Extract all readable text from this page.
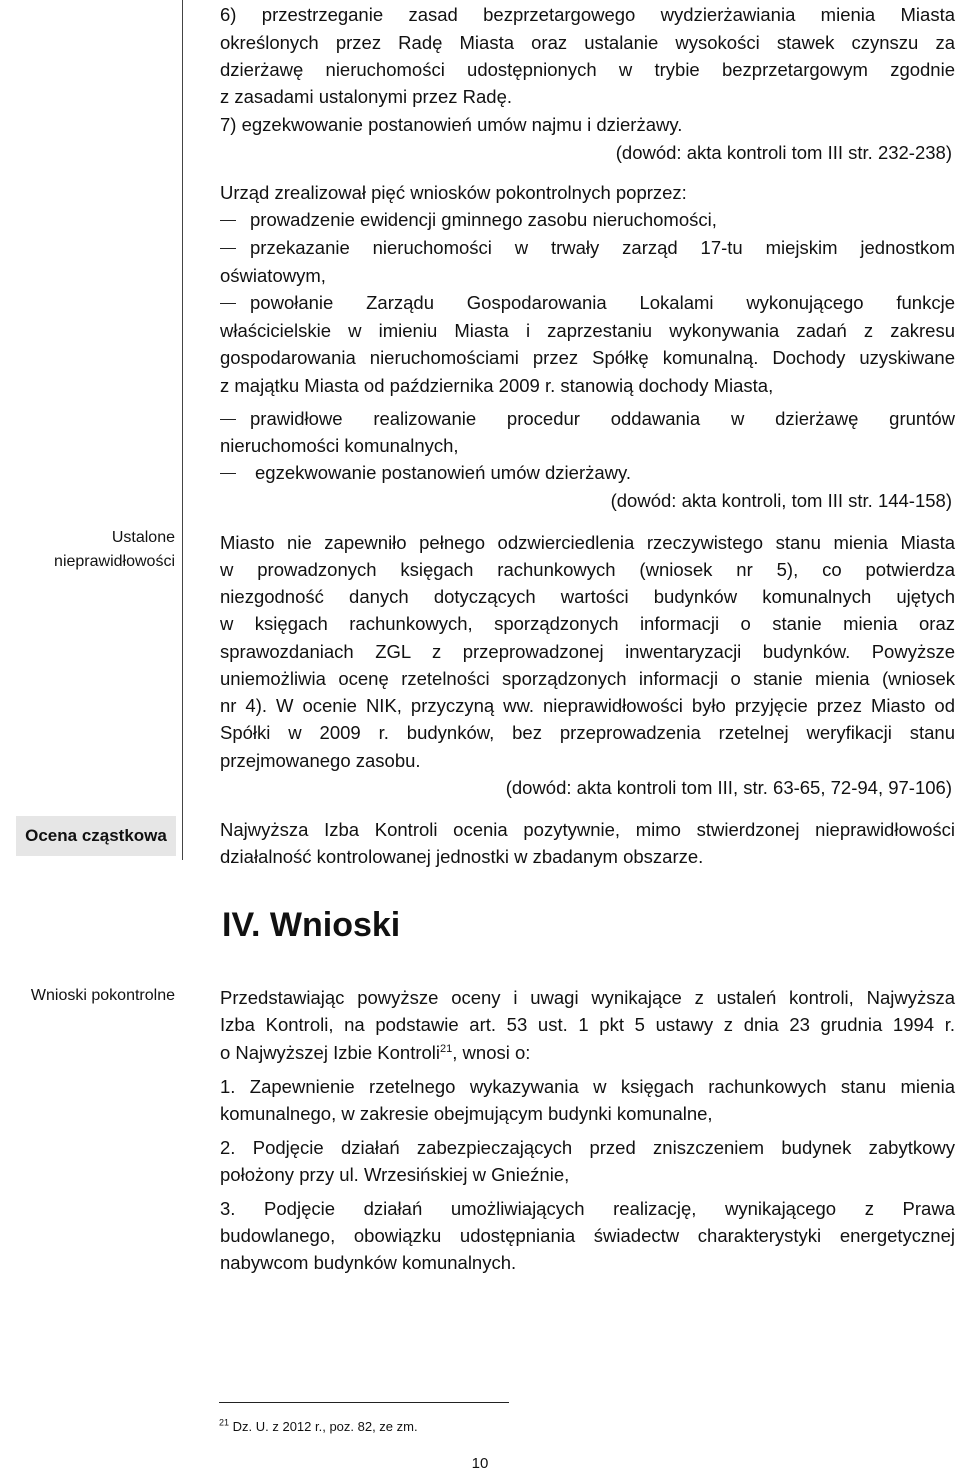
Ustalone
nieprawidłowości
Ocena cząstkowa
Wnioski pokontrolne
6) przestrzeganie zasad bezprzetargowego wydzierżawiania mienia Miasta
określonych przez Radę Miasta oraz ustalanie wysokości stawek czynszu za
dzierżawę nieruchomości udostępnionych w trybie bezprzetargowym zgodnie
z zasadami ustalonymi przez Radę.
7) egzekwowanie postanowień umów najmu i dzierżawy.
(dowód: akta kontroli tom III str. 232-238)
Urząd zrealizował pięć wniosków pokontrolnych poprzez:
prowadzenie ewidencji gminnego zasobu nieruchomości,
przekazanie nieruchomości w trwały zarząd 17-tu miejskim jednostkom
oświatowym,
powołanie Zarządu Gospodarowania Lokalami wykonującego funkcje
właścicielskie w imieniu Miasta i zaprzestaniu wykonywania zadań z zakresu
gospodarowania nieruchomościami przez Spółkę komunalną. Dochody uzyskiwane
z majątku Miasta od października 2009 r. stanowią dochody Miasta,
prawidłowe realizowanie procedur oddawania w dzierżawę gruntów
nieruchomości komunalnych,
egzekwowanie postanowień umów dzierżawy.
(dowód: akta kontroli, tom III str. 144-158)
Miasto nie zapewniło pełnego odzwierciedlenia rzeczywistego stanu mienia Miasta
w prowadzonych księgach rachunkowych (wniosek nr 5), co potwierdza
niezgodność danych dotyczących wartości budynków komunalnych ujętych
w księgach rachunkowych, sporządzonych informacji o stanie mienia oraz
sprawozdaniach ZGL z przeprowadzonej inwentaryzacji budynków. Powyższe
uniemożliwia ocenę rzetelności sporządzonych informacji o stanie mienia (wniosek
nr 4). W ocenie NIK, przyczyną ww. nieprawidłowości było przyjęcie przez Miasto od
Spółki w 2009 r. budynków, bez przeprowadzenia rzetelnej weryfikacji stanu
przejmowanego zasobu.
(dowód: akta kontroli tom III, str. 63-65, 72-94, 97-106)
Najwyższa Izba Kontroli ocenia pozytywnie, mimo stwierdzonej nieprawidłowości
działalność kontrolowanej jednostki w zbadanym obszarze.
IV. Wnioski
Przedstawiając powyższe oceny i uwagi wynikające z ustaleń kontroli, Najwyższa
Izba Kontroli, na podstawie art. 53 ust. 1 pkt 5 ustawy z dnia 23 grudnia 1994 r.
o Najwyższej Izbie Kontroli$^{21}$, wnosi o:
1. Zapewnienie rzetelnego wykazywania w księgach rachunkowych stanu mienia
komunalnego, w zakresie obejmującym budynki komunalne,
2. Podjęcie działań zabezpieczających przed zniszczeniem budynek zabytkowy
położony przy ul. Wrzesińskiej w Gnieźnie,
3. Podjęcie działań umożliwiających realizację, wynikającego z Prawa
budowlanego, obowiązku udostępniania świadectw charakterystyki energetycznej
nabywcom budynków komunalnych.
$^{21}$ Dz. U. z 2012 r., poz. 82, ze zm.
10
